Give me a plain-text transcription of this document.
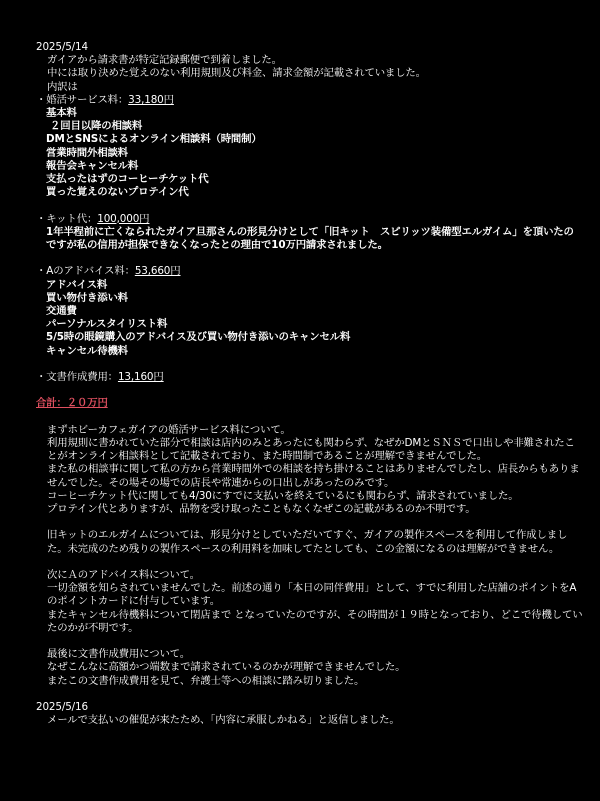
2025/5/14
ガイアから請求書が特定記録郵便で到着しました。
中には取り決めた覚えのない利用規則及び料金、請求金額が記載されていました。
内訳は
・婚活サービス料：33,180円
基本料
２回目以降の相談料
DMとSNSによるオンライン相談料（時間制）
営業時間外相談料
報告会キャンセル料
支払ったはずのコーヒーチケット代
買った覚えのないプロテイン代
・キット代：100,000円
1年半程前に亡くなられたガイア旦那さんの形見分けとして「旧キット　スピリッツ装備型エルガイム」を頂いたのですが私の信用が担保できなくなったとの理由で10万円請求されました。
・Aのアドバイス料：53,660円
アドバイス料
買い物付き添い料
交通費
パーソナルスタイリスト料
5/5時の眼鏡購入のアドバイス及び買い物付き添いのキャンセル料
キャンセル待機料
・文書作成費用：13,160円
合計：２０万円
まずホビーカフェガイアの婚活サービス料について。
利用規則に書かれていた部分で相談は店内のみとあったにも関わらず、なぜかDMとＳＮＳで口出しや非難されたことがオンライン相談料として記載されており、また時間制であることが理解できませんでした。
また私の相談事に関して私の方から営業時間外での相談を持ち掛けることはありませんでしたし、店長からもありませんでした。その場その場での店長や常連からの口出しがあったのみです。
コーヒーチケット代に関しても4/30にすでに支払いを終えているにも関わらず、請求されていました。
プロテイン代とありますが、品物を受け取ったこともなくなぜこの記載があるのか不明です。
旧キットのエルガイムについては、形見分けとしていただいてすぐ、ガイアの製作スペースを利用して作成しました。未完成のため残りの製作スペースの利用料を加味してたとしても、この金額になるのは理解ができません。
次にＡのアドバイス料について。
一切金額を知らされていませんでした。前述の通り「本日の同伴費用」として、すでに利用した店舗のポイントをAのポイントカードに付与しています。
またキャンセル待機料について閉店まで となっていたのですが、その時間が１９時となっており、どこで待機していたのかが不明です。
最後に文書作成費用について。
なぜこんなに高額かつ端数まで請求されているのかが理解できませんでした。
またこの文書作成費用を見て、弁護士等への相談に踏み切りました。
2025/5/16
メールで支払いの催促が来たため、「内容に承服しかねる」と返信しました。
